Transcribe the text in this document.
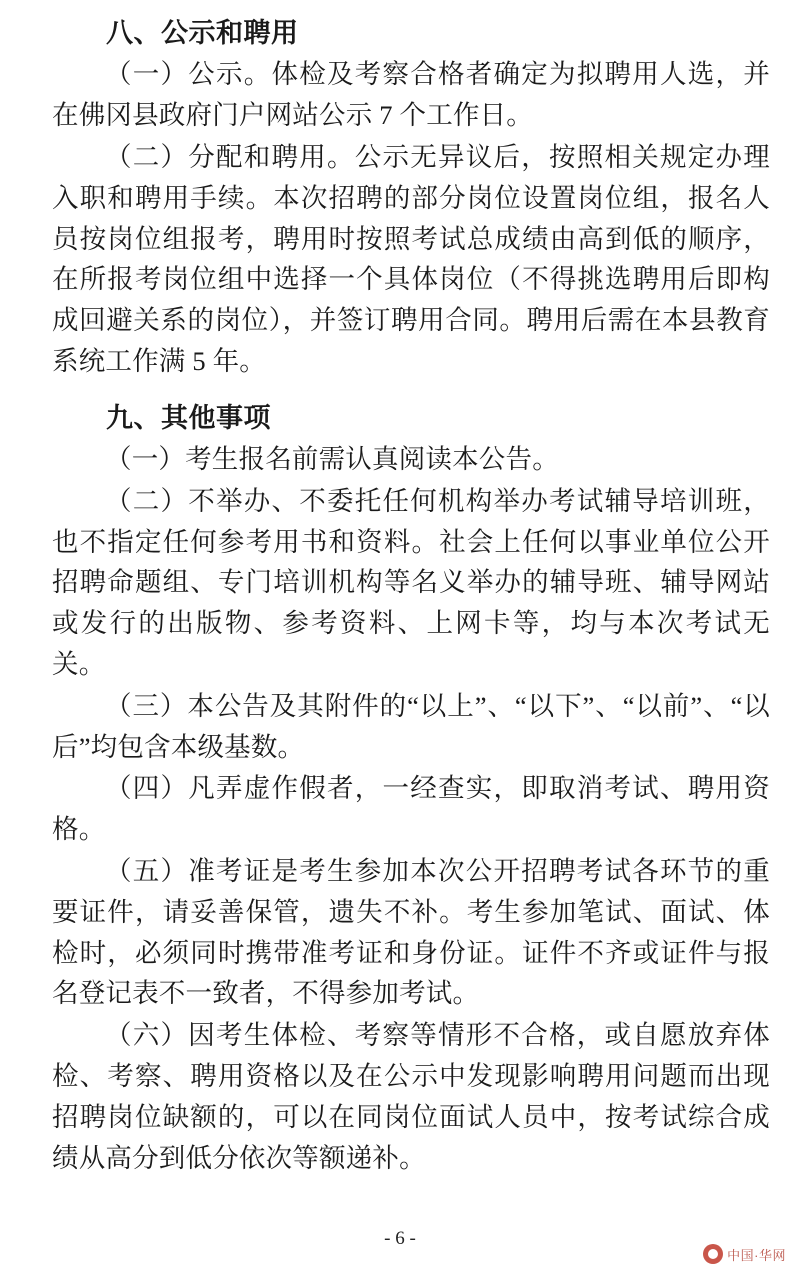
八、公示和聘用

（一）公示。体检及考察合格者确定为拟聘用人选，并在佛冈县政府门户网站公示 7 个工作日。

（二）分配和聘用。公示无异议后，按照相关规定办理入职和聘用手续。本次招聘的部分岗位设置岗位组，报名人员按岗位组报考，聘用时按照考试总成绩由高到低的顺序，在所报考岗位组中选择一个具体岗位（不得挑选聘用后即构成回避关系的岗位），并签订聘用合同。聘用后需在本县教育系统工作满 5 年。

九、其他事项

（一）考生报名前需认真阅读本公告。

（二）不举办、不委托任何机构举办考试辅导培训班，也不指定任何参考用书和资料。社会上任何以事业单位公开招聘命题组、专门培训机构等名义举办的辅导班、辅导网站或发行的出版物、参考资料、上网卡等，均与本次考试无关。

（三）本公告及其附件的“以上”、“以下”、“以前”、“以后”均包含本级基数。

（四）凡弄虚作假者，一经查实，即取消考试、聘用资格。

（五）准考证是考生参加本次公开招聘考试各环节的重要证件，请妥善保管，遗失不补。考生参加笔试、面试、体检时，必须同时携带准考证和身份证。证件不齐或证件与报名登记表不一致者，不得参加考试。

（六）因考生体检、考察等情形不合格，或自愿放弃体检、考察、聘用资格以及在公示中发现影响聘用问题而出现招聘岗位缺额的，可以在同岗位面试人员中，按考试综合成绩从高分到低分依次等额递补。

- 6 -
中国·华网
